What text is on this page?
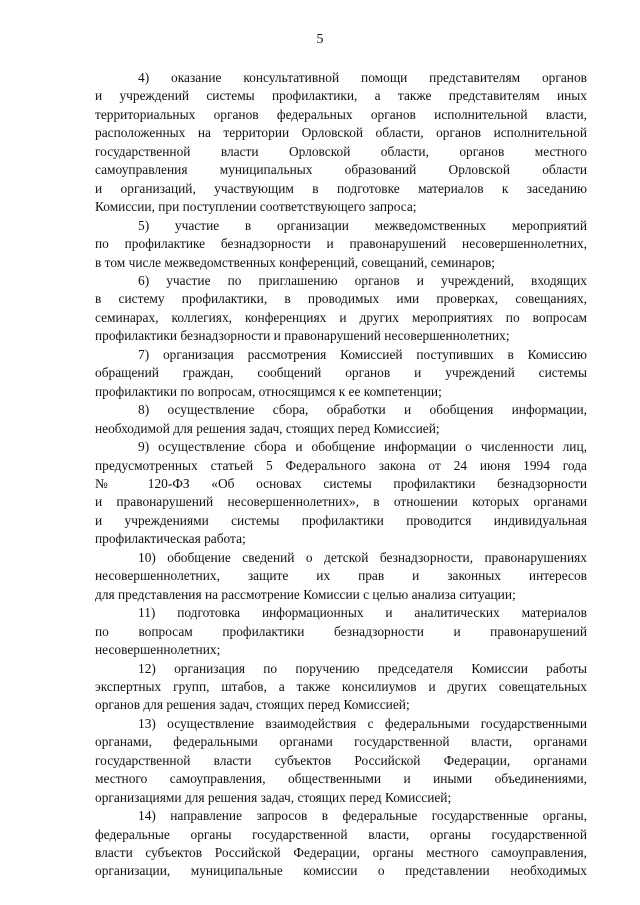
5
4) оказание консультативной помощи представителям органов
и учреждений системы профилактики, а также представителям иных
территориальных органов федеральных органов исполнительной власти,
расположенных на территории Орловской области, органов исполнительной
государственной власти Орловской области, органов местного
самоуправления муниципальных образований Орловской области
и организаций, участвующим в подготовке материалов к заседанию
Комиссии, при поступлении соответствующего запроса;
5) участие в организации межведомственных мероприятий
по профилактике безнадзорности и правонарушений несовершеннолетних,
в том числе межведомственных конференций, совещаний, семинаров;
6) участие по приглашению органов и учреждений, входящих
в систему профилактики, в проводимых ими проверках, совещаниях,
семинарах, коллегиях, конференциях и других мероприятиях по вопросам
профилактики безнадзорности и правонарушений несовершеннолетних;
7) организация рассмотрения Комиссией поступивших в Комиссию
обращений граждан, сообщений органов и учреждений системы
профилактики по вопросам, относящимся к ее компетенции;
8) осуществление сбора, обработки и обобщения информации,
необходимой для решения задач, стоящих перед Комиссией;
9) осуществление сбора и обобщение информации о численности лиц,
предусмотренных статьей 5 Федерального закона от 24 июня 1994 года
№ 120-ФЗ «Об основах системы профилактики безнадзорности
и правонарушений несовершеннолетних», в отношении которых органами
и учреждениями системы профилактики проводится индивидуальная
профилактическая работа;
10) обобщение сведений о детской безнадзорности, правонарушениях
несовершеннолетних, защите их прав и законных интересов
для представления на рассмотрение Комиссии с целью анализа ситуации;
11) подготовка информационных и аналитических материалов
по вопросам профилактики безнадзорности и правонарушений
несовершеннолетних;
12) организация по поручению председателя Комиссии работы
экспертных групп, штабов, а также консилиумов и других совещательных
органов для решения задач, стоящих перед Комиссией;
13) осуществление взаимодействия с федеральными государственными
органами, федеральными органами государственной власти, органами
государственной власти субъектов Российской Федерации, органами
местного самоуправления, общественными и иными объединениями,
организациями для решения задач, стоящих перед Комиссией;
14) направление запросов в федеральные государственные органы,
федеральные органы государственной власти, органы государственной
власти субъектов Российской Федерации, органы местного самоуправления,
организации, муниципальные комиссии о представлении необходимых
